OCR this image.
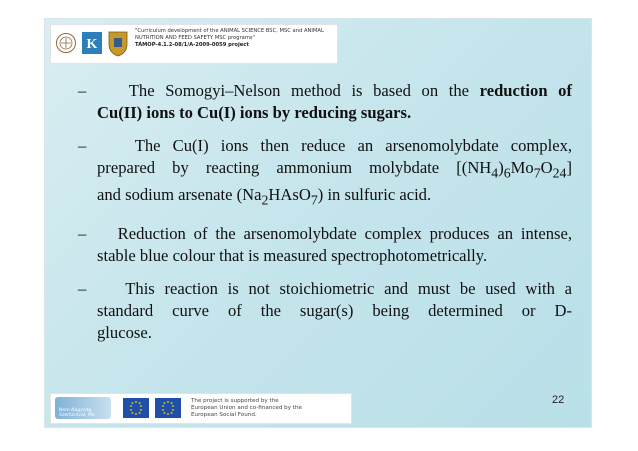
K
"Curriculum development of the ANIMAL SCIENCE BSC, MSC and ANIMAL
NUTRITION AND FEED SAFETY MSC programs"
TÁMOP-4.1.2-08/1/A-2009-0059 project
–	The Somogyi–Nelson method is based on the reduction of
Cu(II) ions to Cu(I) ions by reducing sugars.
–	The Cu(I) ions then reduce an arsenomolybdate complex,
prepared by reacting ammonium molybdate $[(NH_4)_6Mo_7O_{24}]$
and sodium arsenate $(Na_2HAsO_7)$ in sulfuric acid.
– Reduction of the arsenomolybdate complex produces an intense,
stable blue colour that is measured spectrophotometrically.
– This reaction is not stoichiometric and must be used with a
standard curve of the sugar(s) being determined or D-
glucose.
Nem Nagyság, Szertárával, Ma
The project is supported by the
European Union and co-financed by the
European Social Found.
22
